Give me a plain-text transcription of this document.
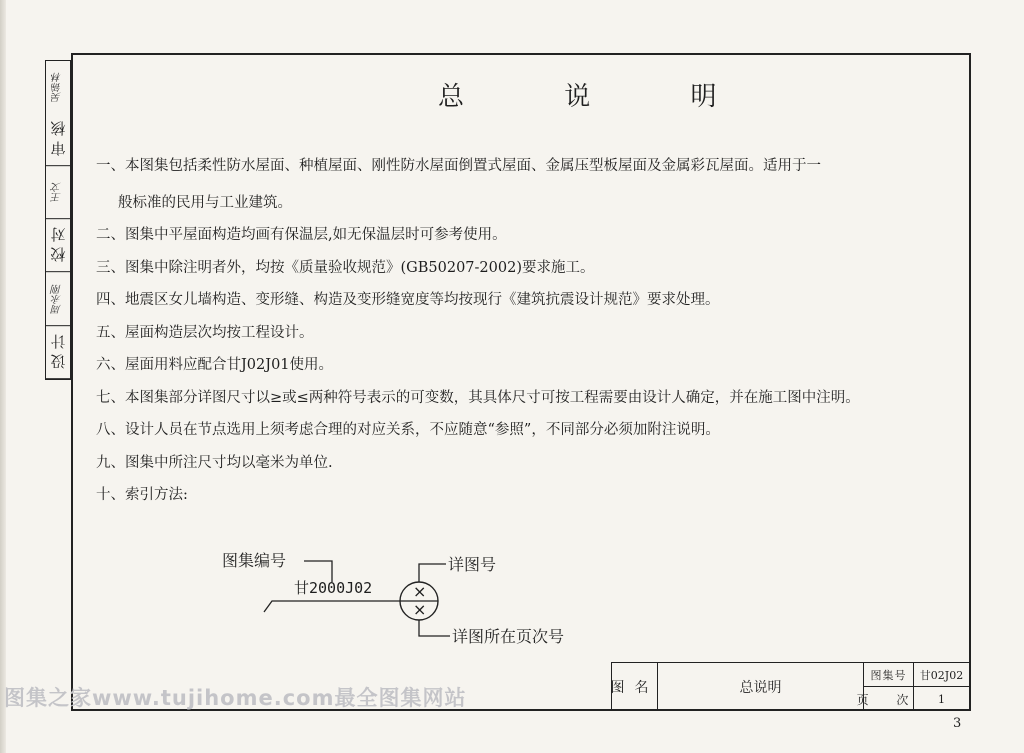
设 计
周永刚
校 对
王文
审 核
吴锦林	总 说 明
一、本图集包括柔性防水屋面、种植屋面、刚性防水屋面倒置式屋面、金属压型板屋面及金属彩瓦屋面。适用于一
般标准的民用与工业建筑。
二、图集中平屋面构造均画有保温层,如无保温层时可参考使用。
三、图集中除注明者外，均按《质量验收规范》(GB50207-2002)要求施工。
四、地震区女儿墙构造、变形缝、构造及变形缝宽度等均按现行《建筑抗震设计规范》要求处理。
五、屋面构造层次均按工程设计。
六、屋面用料应配合甘J02J01使用。
七、本图集部分详图尺寸以≥或≤两种符号表示的可变数，其具体尺寸可按工程需要由设计人确定，并在施工图中注明。
八、设计人员在节点选用上须考虑合理的对应关系，不应随意“参照”，不同部分必须加附注说明。
九、图集中所注尺寸均以毫米为单位.
十、索引方法:
图集编号
甘2000J02	×
×
详图号
详图所在页次号
图名	总说明
图集号	甘02J02
页 次	1
图集之家www.tujihome.com最全图集网站
3
